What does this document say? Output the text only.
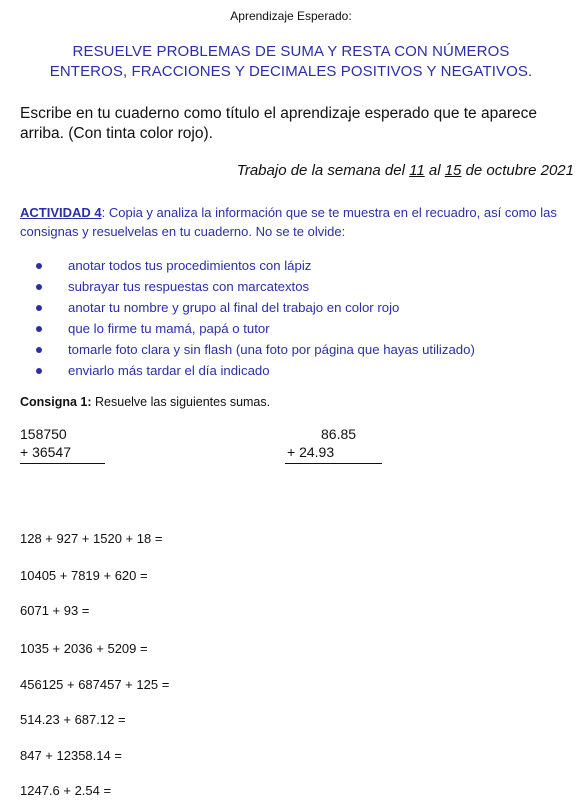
Aprendizaje Esperado:
RESUELVE PROBLEMAS DE SUMA Y RESTA CON NÚMEROS
ENTEROS, FRACCIONES Y DECIMALES POSITIVOS Y NEGATIVOS.
Escribe en tu cuaderno como título el aprendizaje esperado que te aparece arriba. (Con tinta color rojo).
Trabajo de la semana del 11 al 15 de octubre 2021
ACTIVIDAD 4: Copia y analiza la información que se te muestra en el recuadro, así como las consignas y resuelvelas en tu cuaderno. No se te olvide:
anotar todos tus procedimientos con lápiz
subrayar tus respuestas con marcatextos
anotar tu nombre y grupo al final del trabajo en color rojo
que lo firme tu mamá, papá o tutor
tomarle foto clara y sin flash (una foto por página que hayas utilizado)
enviarlo más tardar el día indicado
Consigna 1: Resuelve las siguientes sumas.
158750
+ 36547
86.85
+ 24.93
128 + 927 + 1520 + 18 =
10405 + 7819 + 620 =
6071 + 93 =
1035 + 2036 + 5209 =
456125 + 687457 + 125 =
514.23 + 687.12 =
847 + 12358.14 =
1247.6 + 2.54 =
